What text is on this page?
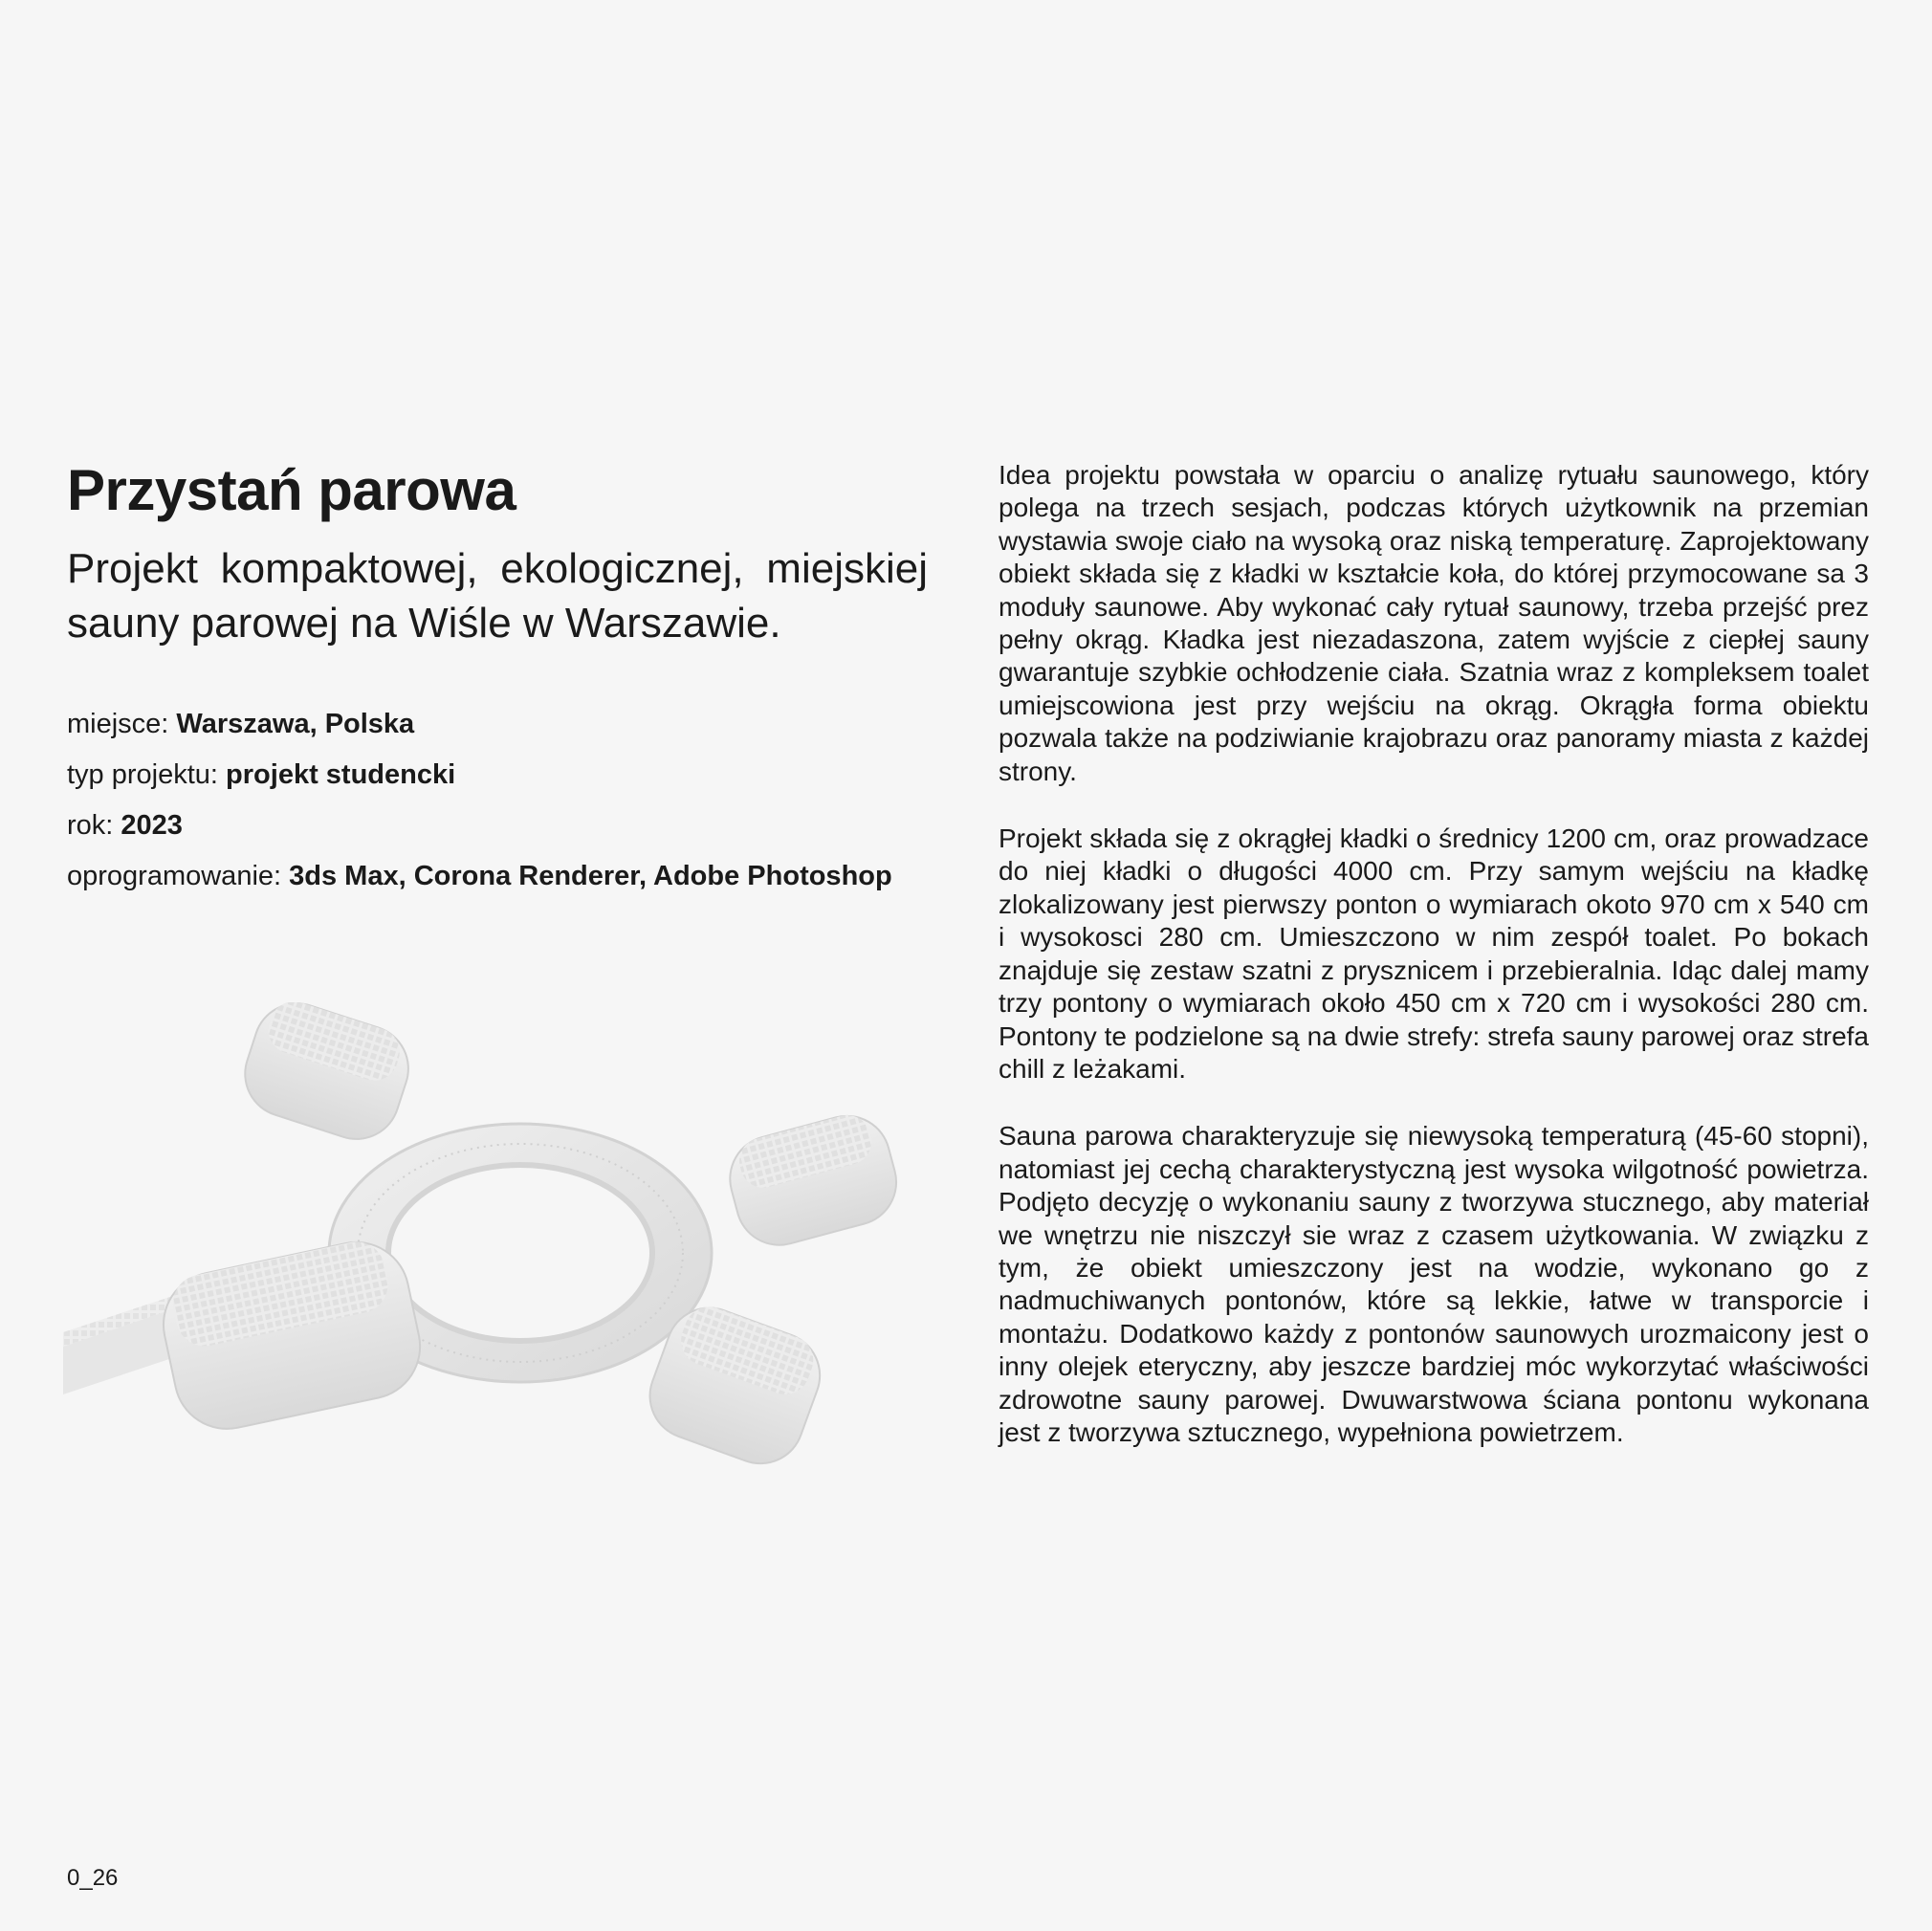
Przystań parowa
Projekt kompaktowej, ekologicznej, miejskiej sauny parowej na Wiśle w Warszawie.
miejsce: Warszawa, Polska
typ projektu: projekt studencki
rok: 2023
oprogramowanie: 3ds Max, Corona Renderer, Adobe Photoshop

Idea projektu powstała w oparciu o analizę rytuału saunowego, który polega na trzech sesjach, podczas których użytkownik na przemian wystawia swoje ciało na wysoką oraz niską temperaturę. Zaprojektowany obiekt składa się z kładki w kształcie koła, do której przymocowane sa 3 moduły saunowe. Aby wykonać cały rytuał saunowy, trzeba przejść prez pełny okrąg. Kładka jest niezadaszona, zatem wyjście z ciepłej sauny gwarantuje szybkie ochłodzenie ciała. Szatnia wraz z kompleksem toalet umiejscowiona jest przy wejściu na okrąg. Okrągła forma obiektu pozwala także na podziwianie krajobrazu oraz panoramy miasta z każdej strony.

Projekt składa się z okrągłej kładki o średnicy 1200 cm, oraz prowadzace do niej kładki o długości 4000 cm. Przy samym wejściu na kładkę zlokalizowany jest pierwszy ponton o wymiarach okoto 970 cm x 540 cm i wysokosci 280 cm. Umieszczono w nim zespół toalet. Po bokach znajduje się zestaw szatni z prysznicem i przebieralnia. Idąc dalej mamy trzy pontony o wymiarach około 450 cm x 720 cm i wysokości 280 cm. Pontony te podzielone są na dwie strefy: strefa sauny parowej oraz strefa chill z leżakami.

Sauna parowa charakteryzuje się niewysoką temperaturą (45-60 stopni), natomiast jej cechą charakterystyczną jest wysoka wilgotność powietrza. Podjęto decyzję o wykonaniu sauny z tworzywa stucznego, aby materiał we wnętrzu nie niszczył sie wraz z czasem użytkowania. W związku z tym, że obiekt umieszczony jest na wodzie, wykonano go z nadmuchiwanych pontonów, które są lekkie, łatwe w transporcie i montażu. Dodatkowo każdy z pontonów saunowych urozmaicony jest o inny olejek eteryczny, aby jeszcze bardziej móc wykorzytać właściwości zdrowotne sauny parowej. Dwuwarstwowa ściana pontonu wykonana jest z tworzywa sztucznego, wypełniona powietrzem.

0_26
